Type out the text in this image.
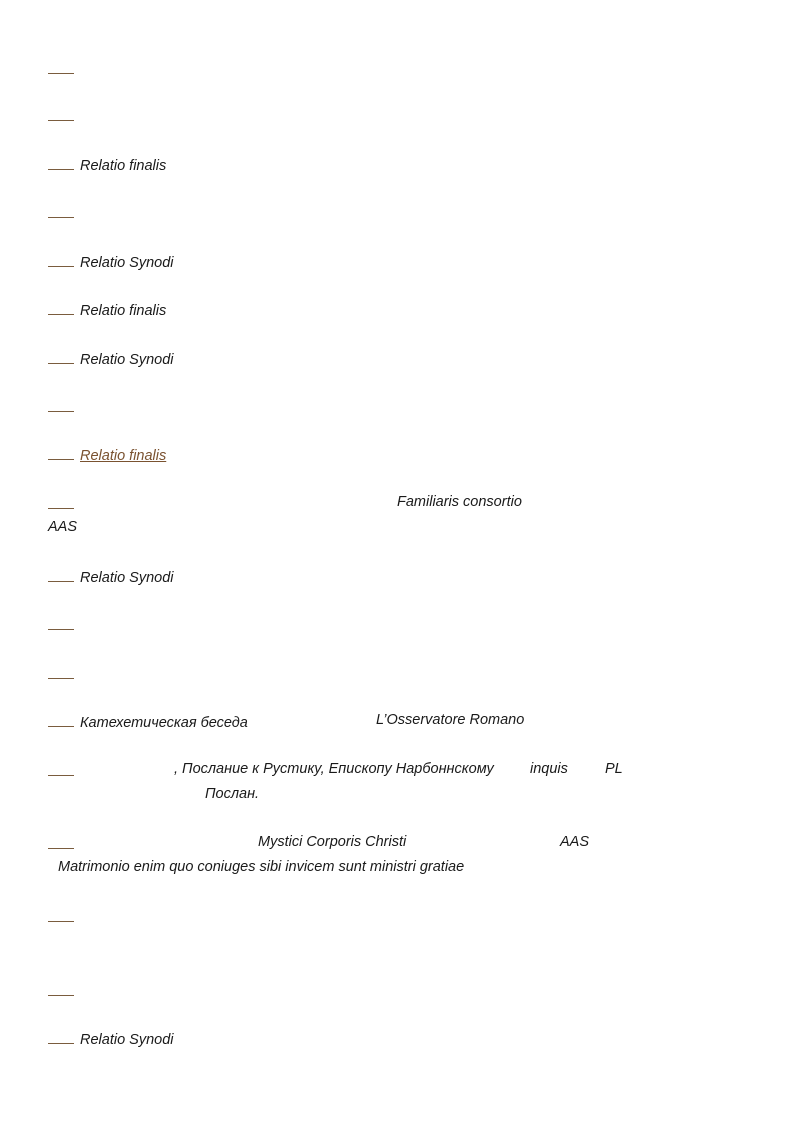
Relatio finalis
Relatio Synodi
Relatio finalis
Relatio Synodi
Relatio finalis
Familiaris consortio
AAS
Relatio Synodi
Катехетическая беседа	L’Osservatore Romano
, Послание к Рустику, Епископу Нарбоннскому	inquis	PL
Послан.
Mystici Corporis Christi	AAS
Matrimonio enim quo coniuges sibi invicem sunt ministri gratiae
Relatio Synodi
